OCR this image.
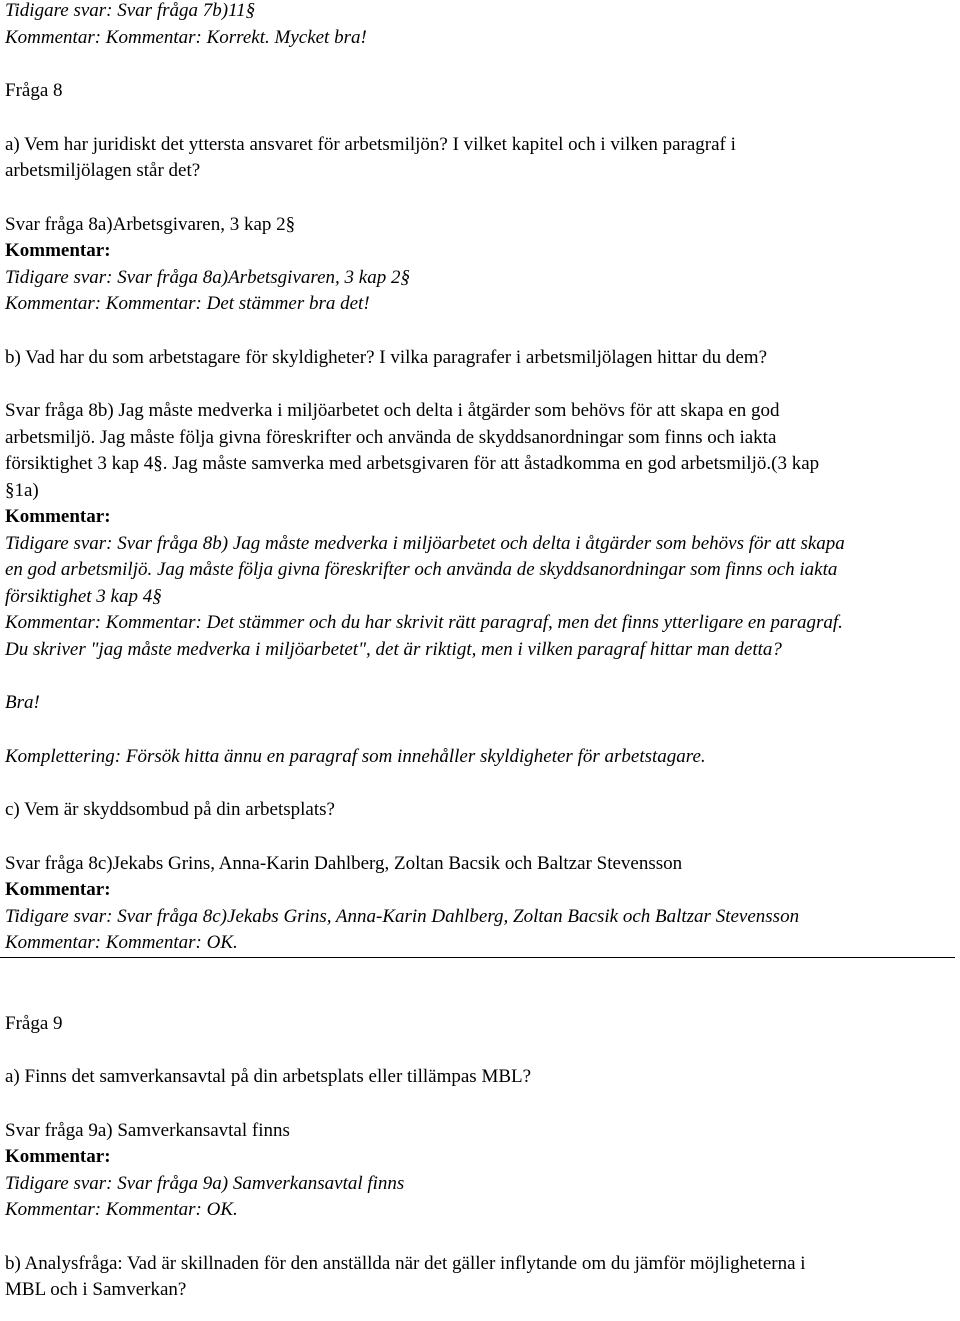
Tidigare svar: Svar fråga 7b)11§
Kommentar: Kommentar: Korrekt. Mycket bra!
Fråga 8
a) Vem har juridiskt det yttersta ansvaret för arbetsmiljön? I vilket kapitel och i vilken paragraf i
arbetsmiljölagen står det?
Svar fråga 8a)Arbetsgivaren, 3 kap 2§
Kommentar:
Tidigare svar: Svar fråga 8a)Arbetsgivaren, 3 kap 2§
Kommentar: Kommentar: Det stämmer bra det!
b) Vad har du som arbetstagare för skyldigheter? I vilka paragrafer i arbetsmiljölagen hittar du dem?
Svar fråga 8b) Jag måste medverka i miljöarbetet och delta i åtgärder som behövs för att skapa en god
arbetsmiljö. Jag måste följa givna föreskrifter och använda de skyddsanordningar som finns och iakta
försiktighet 3 kap 4§. Jag måste samverka med arbetsgivaren för att åstadkomma en god arbetsmiljö.(3 kap
§1a)
Kommentar:
Tidigare svar: Svar fråga 8b) Jag måste medverka i miljöarbetet och delta i åtgärder som behövs för att skapa
en god arbetsmiljö. Jag måste följa givna föreskrifter och använda de skyddsanordningar som finns och iakta
försiktighet 3 kap 4§
Kommentar: Kommentar: Det stämmer och du har skrivit rätt paragraf, men det finns ytterligare en paragraf.
Du skriver "jag måste medverka i miljöarbetet", det är riktigt, men i vilken paragraf hittar man detta?
Bra!
Komplettering: Försök hitta ännu en paragraf som innehåller skyldigheter för arbetstagare.
c) Vem är skyddsombud på din arbetsplats?
Svar fråga 8c)Jekabs Grins, Anna-Karin Dahlberg, Zoltan Bacsik och Baltzar Stevensson
Kommentar:
Tidigare svar: Svar fråga 8c)Jekabs Grins, Anna-Karin Dahlberg, Zoltan Bacsik och Baltzar Stevensson
Kommentar: Kommentar: OK.
Fråga 9
a) Finns det samverkansavtal på din arbetsplats eller tillämpas MBL?
Svar fråga 9a) Samverkansavtal finns
Kommentar:
Tidigare svar: Svar fråga 9a) Samverkansavtal finns
Kommentar: Kommentar: OK.
b) Analysfråga: Vad är skillnaden för den anställda när det gäller inflytande om du jämför möjligheterna i
MBL och i Samverkan?
